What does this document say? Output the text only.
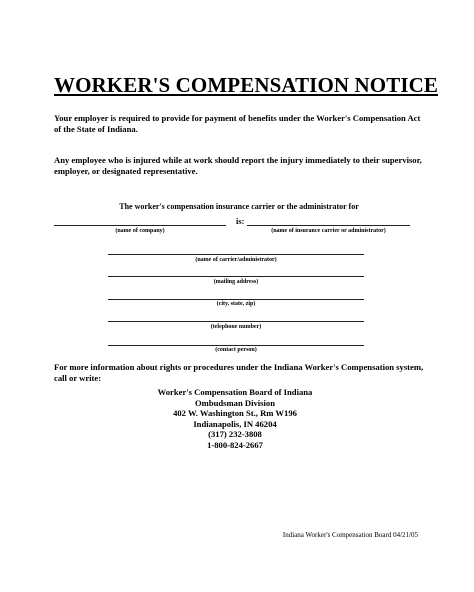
WORKER'S COMPENSATION NOTICE
Your employer is required to provide for payment of benefits under the Worker's Compensation Act of the State of Indiana.
Any employee who is injured while at work should report the injury immediately to their supervisor, employer, or designated representative.
The worker's compensation insurance carrier or the administrator for
is:
(name of company)	(name of insurance carrier or administrator)
(name of carrier/administrator)
(mailing address)
(city, state, zip)
(telephone number)
(contact person)
For more information about rights or procedures under the Indiana Worker's Compensation system, call or write:
Worker's Compensation Board of Indiana
Ombudsman Division
402 W. Washington St., Rm W196
Indianapolis, IN 46204
(317) 232-3808
1-800-824-2667
Indiana Worker's Compensation Board 04/21/05
